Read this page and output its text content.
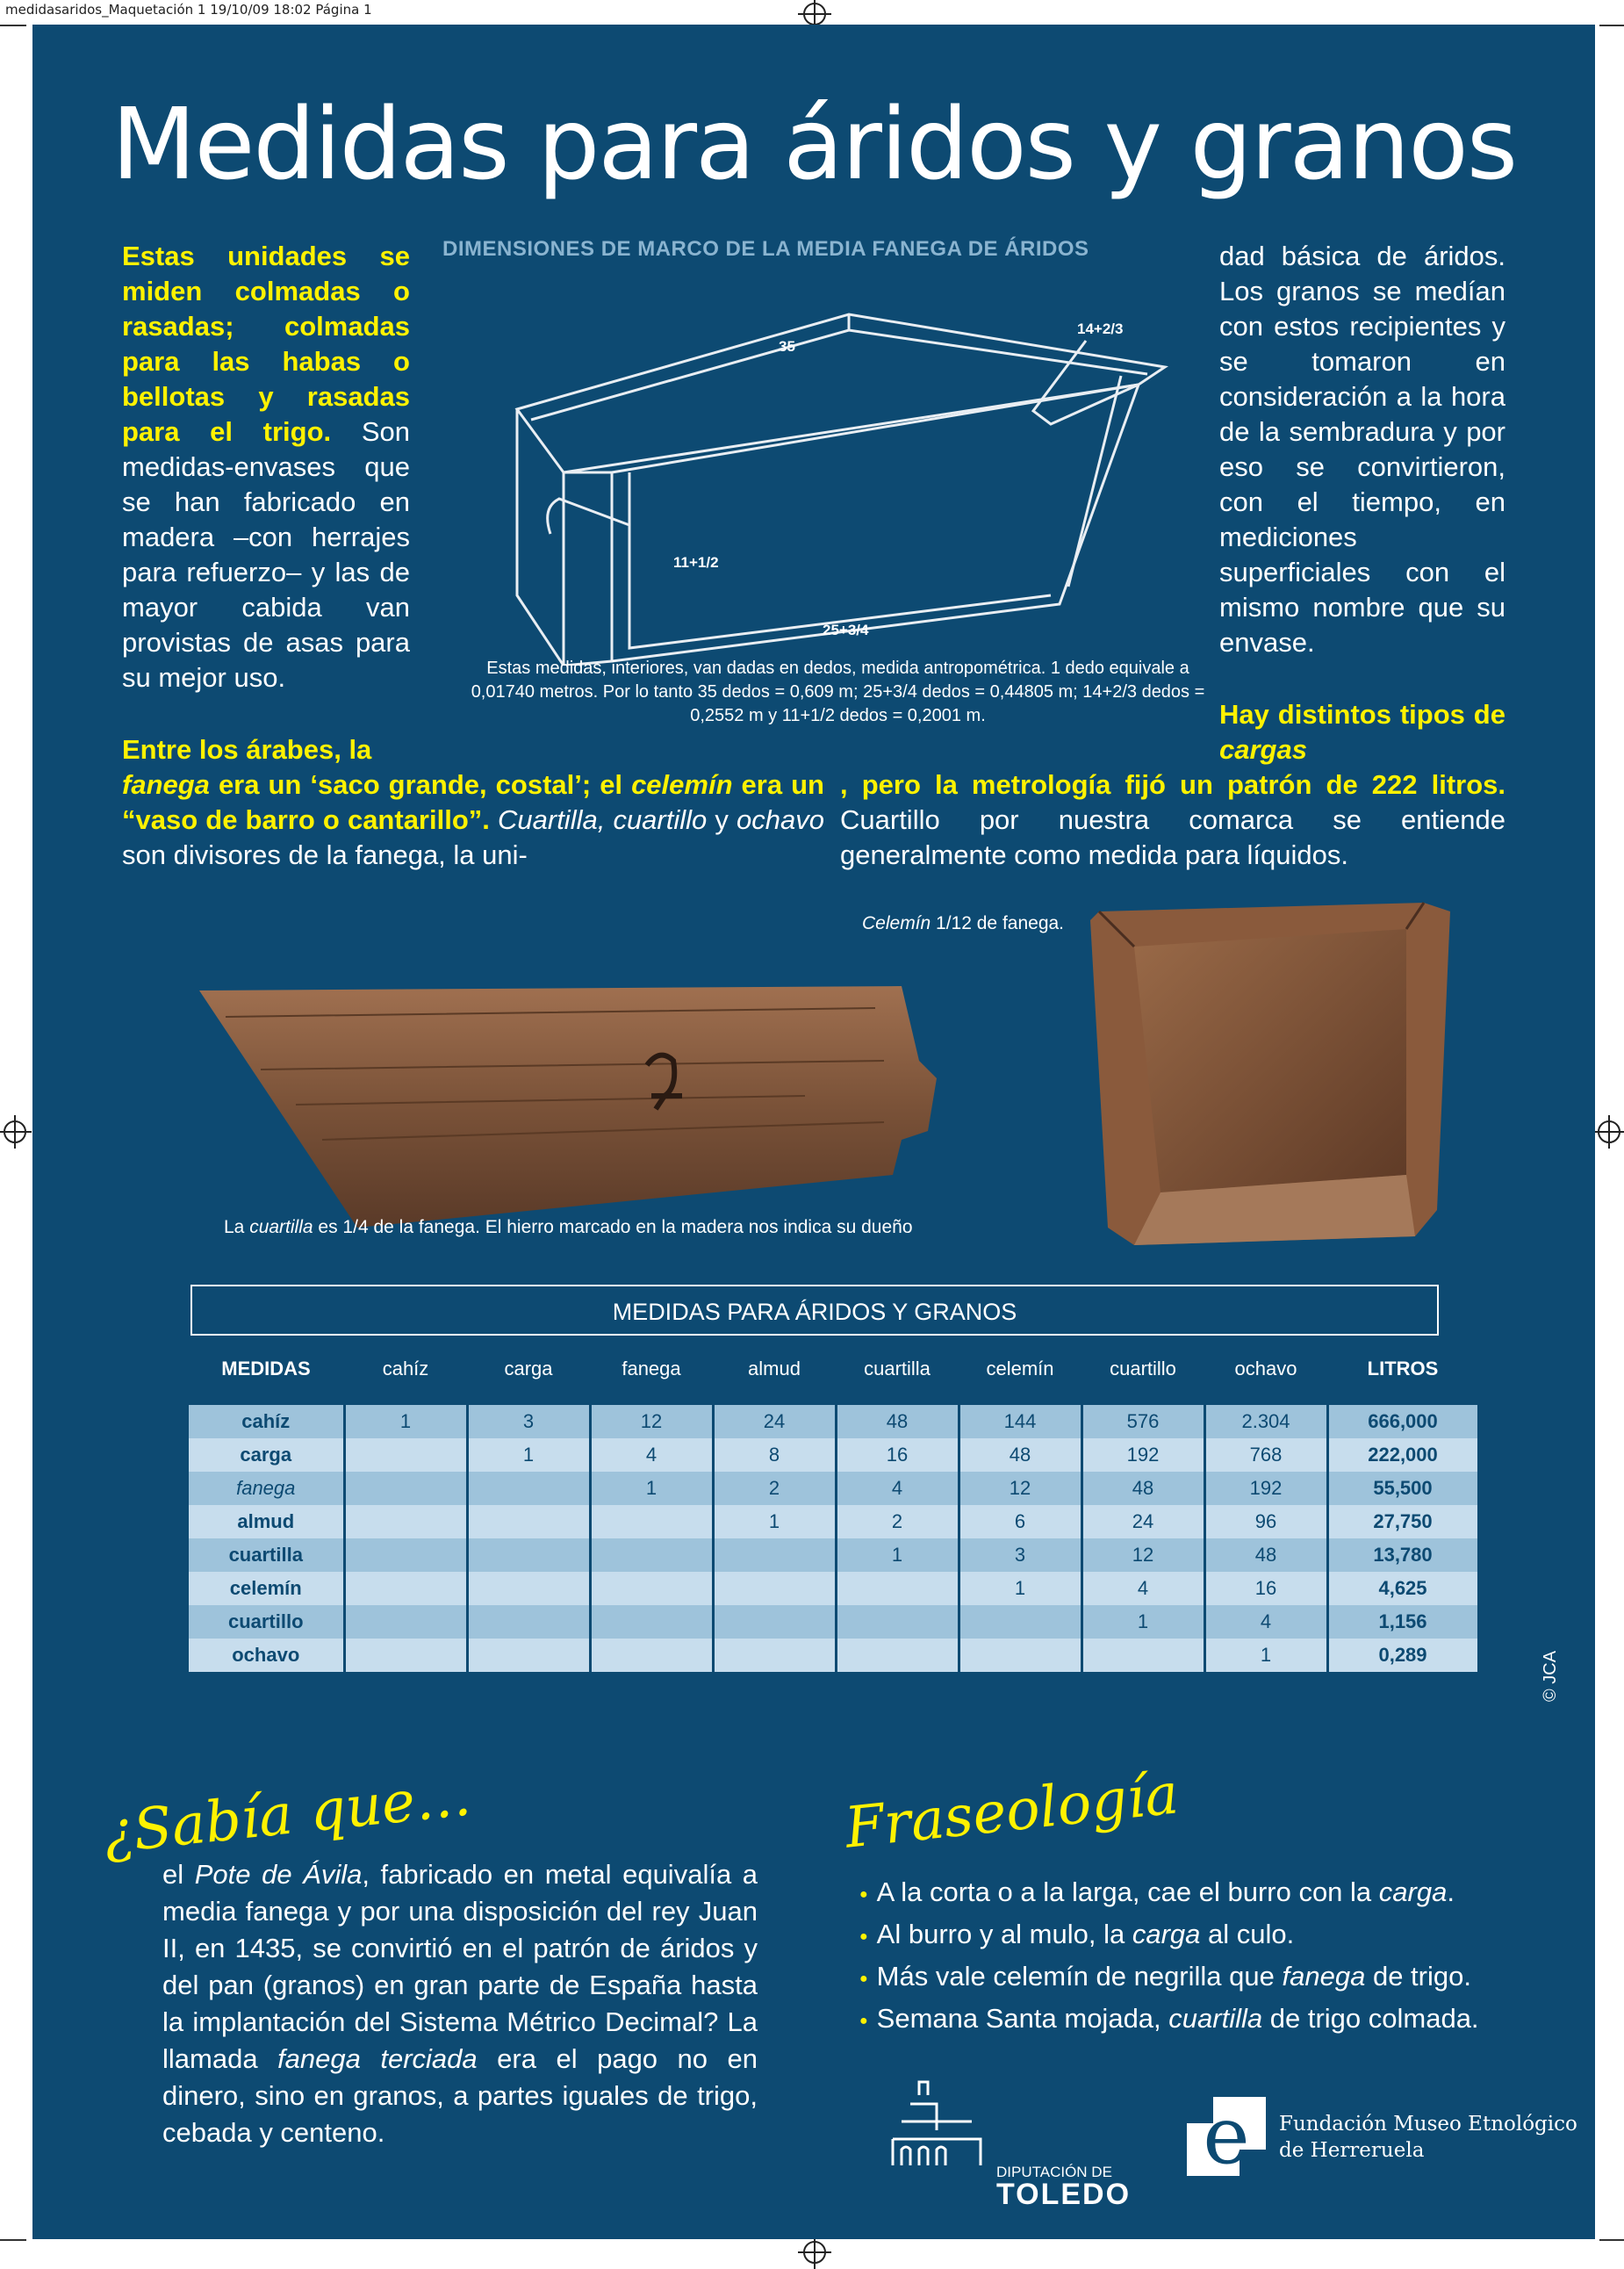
medidasaridos_Maquetación 1 19/10/09 18:02 Página 1
Medidas para áridos y granos
Estas unidades se miden colmadas o rasadas; colmadas para las habas o bellotas y rasadas para el trigo. Son medidas-envases que se han fabricado en madera –con herrajes para refuerzo– y las de mayor cabida van provistas de asas para su mejor uso.
Entre los árabes, la
fanega era un ‘saco grande, costal’; el celemín era un “vaso de barro o cantarillo”. Cuartilla, cuartillo y ochavo son divisores de la fanega, la uni-
dad básica de áridos. Los granos se medían con estos recipientes y se tomaron en consideración a la hora de la sembradura y por eso se convirtieron, con el tiempo, en mediciones superficiales con el mismo nombre que su envase.
Hay distintos tipos de cargas
, pero la metrología fijó un patrón de 222 litros. Cuartillo por nuestra comarca se entiende generalmente como medida para líquidos.
DIMENSIONES DE MARCO DE LA MEDIA FANEGA DE ÁRIDOS
35
14+2/3
11+1/2
25+3/4
Estas medidas, interiores, van dadas en dedos, medida antropométrica. 1 dedo equivale a 0,01740 metros. Por lo tanto 35 dedos = 0,609 m; 25+3/4 dedos = 0,44805 m; 14+2/3 dedos = 0,2552 m y 11+1/2 dedos = 0,2001 m.
Celemín 1/12 de fanega.
La cuartilla es 1/4 de la fanega. El hierro marcado en la madera nos indica su dueño
MEDIDAS PARA ÁRIDOS Y GRANOS
MEDIDAS	cahíz	carga	fanega	almud	cuartilla	celemín	cuartillo	ochavo	LITROS

cahíz	1	3	12	24	48	144	576	2.304	666,000
carga		1	4	8	16	48	192	768	222,000
fanega			1	2	4	12	48	192	55,500
almud				1	2	6	24	96	27,750
cuartilla					1	3	12	48	13,780
celemín						1	4	16	4,625
cuartillo							1	4	1,156
ochavo								1	0,289	© JCA
¿Sabía que…
el Pote de Ávila, fabricado en metal equivalía a media fanega y por una disposición del rey Juan II, en 1435, se convirtió en el patrón de áridos y del pan (granos) en gran parte de España hasta la implantación del Sistema Métrico Decimal? La llamada fanega terciada era el pago no en dinero, sino en granos, a partes iguales de trigo, cebada y centeno.
Fraseología
● A la corta o a la larga, cae el burro con la carga.
● Al burro y al mulo, la carga al culo.
● Más vale celemín de negrilla que fanega de trigo.
● Semana Santa mojada, cuartilla de trigo colmada.
DIPUTACIÓN DE
TOLEDO
e Fundación Museo Etnológico
de Herreruela
